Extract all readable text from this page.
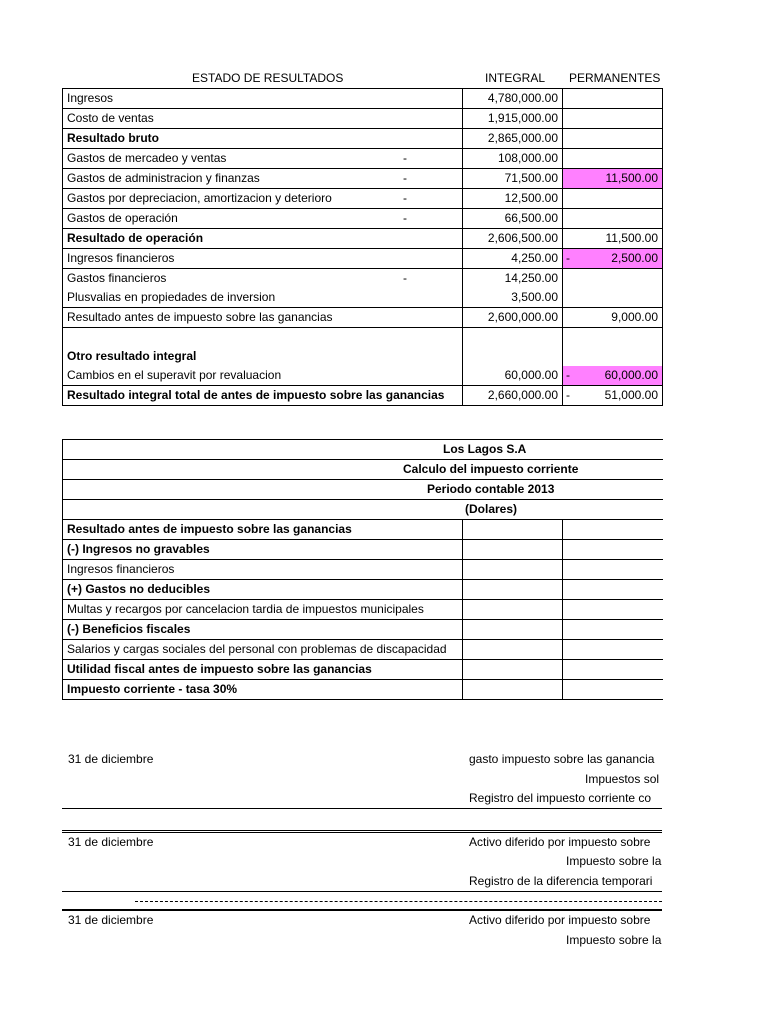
ESTADO DE RESULTADOS	INTEGRAL PERMANENTES
Ingresos	4,780,000.00	
Costo de ventas	1,915,000.00	
Resultado bruto	2,865,000.00	
Gastos de mercadeo y ventas	- 108,000.00	
Gastos de administracion y finanzas	- 71,500.00	11,500.00
Gastos por depreciacion, amortizacion y deterioro	- 12,500.00	
Gastos de operación	- 66,500.00	
Resultado de operación	2,606,500.00	11,500.00
Ingresos financieros	4,250.00	- 2,500.00
Gastos financieros	- 14,250.00	
Plusvalias en propiedades de inversion	3,500.00	
Resultado antes de impuesto sobre las ganancias	2,600,000.00	9,000.00

Otro resultado integral		
Cambios en el superavit por revaluacion	60,000.00	- 60,000.00
Resultado integral total de antes de impuesto sobre las ganancias	2,660,000.00	- 51,000.00
Los Lagos S.A		
Calculo del impuesto corriente		
Periodo contable 2013		
(Dolares)		
Resultado antes de impuesto sobre las ganancias		
(-) Ingresos no gravables		
Ingresos financieros		
(+) Gastos no deducibles		
Multas y recargos por cancelacion tardia de impuestos municipales		
(-) Beneficios fiscales		
Salarios y cargas sociales del personal con problemas de discapacidad		
Utilidad fiscal antes de impuesto sobre las ganancias		
Impuesto corriente - tasa 30%		
31 de diciembre	gasto impuesto sobre las ganancia
Impuestos sol
Registro del impuesto corriente co
31 de diciembre	Activo diferido por impuesto sobre
Impuesto sobre la
Registro de la diferencia temporari
31 de diciembre	Activo diferido por impuesto sobre
Impuesto sobre la
